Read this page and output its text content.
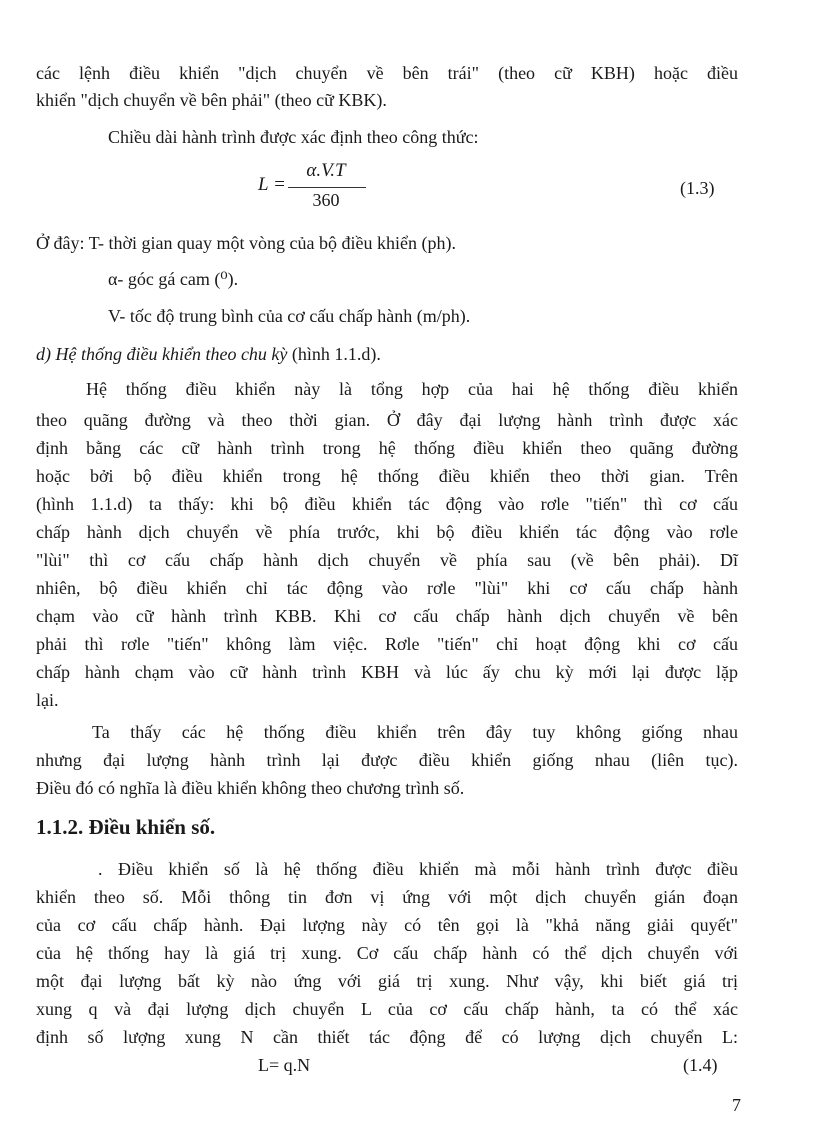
các lệnh điều khiển "dịch chuyển về bên trái" (theo cữ KBH) hoặc điều
khiển "dịch chuyển về bên phải" (theo cữ KBK).
Chiều dài hành trình được xác định theo công thức:
L =
α.V.T
360
(1.3)
Ở đây: T- thời gian quay một vòng của bộ điều khiển (ph).
α- góc gá cam (⁰).
V- tốc độ trung bình của cơ cấu chấp hành (m/ph).
d) Hệ thống điều khiển theo chu kỳ (hình 1.1.d).
Hệ thống điều khiển này là tổng hợp của hai hệ thống điều khiển
theo quãng đường và theo thời gian. Ở đây đại lượng hành trình được xác
định bằng các cữ hành trình trong hệ thống điều khiển theo quãng đường
hoặc bởi bộ điều khiển trong hệ thống điều khiển theo thời gian. Trên
(hình 1.1.d) ta thấy: khi bộ điều khiển tác động vào rơle "tiến" thì cơ cấu
chấp hành dịch chuyển về phía trước, khi bộ điều khiển tác động vào rơle
"lùi" thì cơ cấu chấp hành dịch chuyển về phía sau (về bên phải). Dĩ
nhiên, bộ điều khiển chỉ tác động vào rơle "lùi" khi cơ cấu chấp hành
chạm vào cữ hành trình KBB. Khi cơ cấu chấp hành dịch chuyển về bên
phải thì rơle "tiến" không làm việc. Rơle "tiến" chỉ hoạt động khi cơ cấu
chấp hành chạm vào cữ hành trình KBH và lúc ấy chu kỳ mới lại được lặp
lại.
Ta thấy các hệ thống điều khiển trên đây tuy không giống nhau
nhưng đại lượng hành trình lại được điều khiển giống nhau (liên tục).
Điều đó có nghĩa là điều khiển không theo chương trình số.
1.1.2. Điều khiển số.
. Điều khiển số là hệ thống điều khiển mà mỗi hành trình được điều
khiển theo số. Mỗi thông tin đơn vị ứng với một dịch chuyển gián đoạn
của cơ cấu chấp hành. Đại lượng này có tên gọi là "khả năng giải quyết"
của hệ thống hay là giá trị xung. Cơ cấu chấp hành có thể dịch chuyển với
một đại lượng bất kỳ nào ứng với giá trị xung. Như vậy, khi biết giá trị
xung q và đại lượng dịch chuyển L của cơ cấu chấp hành, ta có thể xác
định số lượng xung N cần thiết tác động để có lượng dịch chuyển L:
L= q.N	(1.4)
7
